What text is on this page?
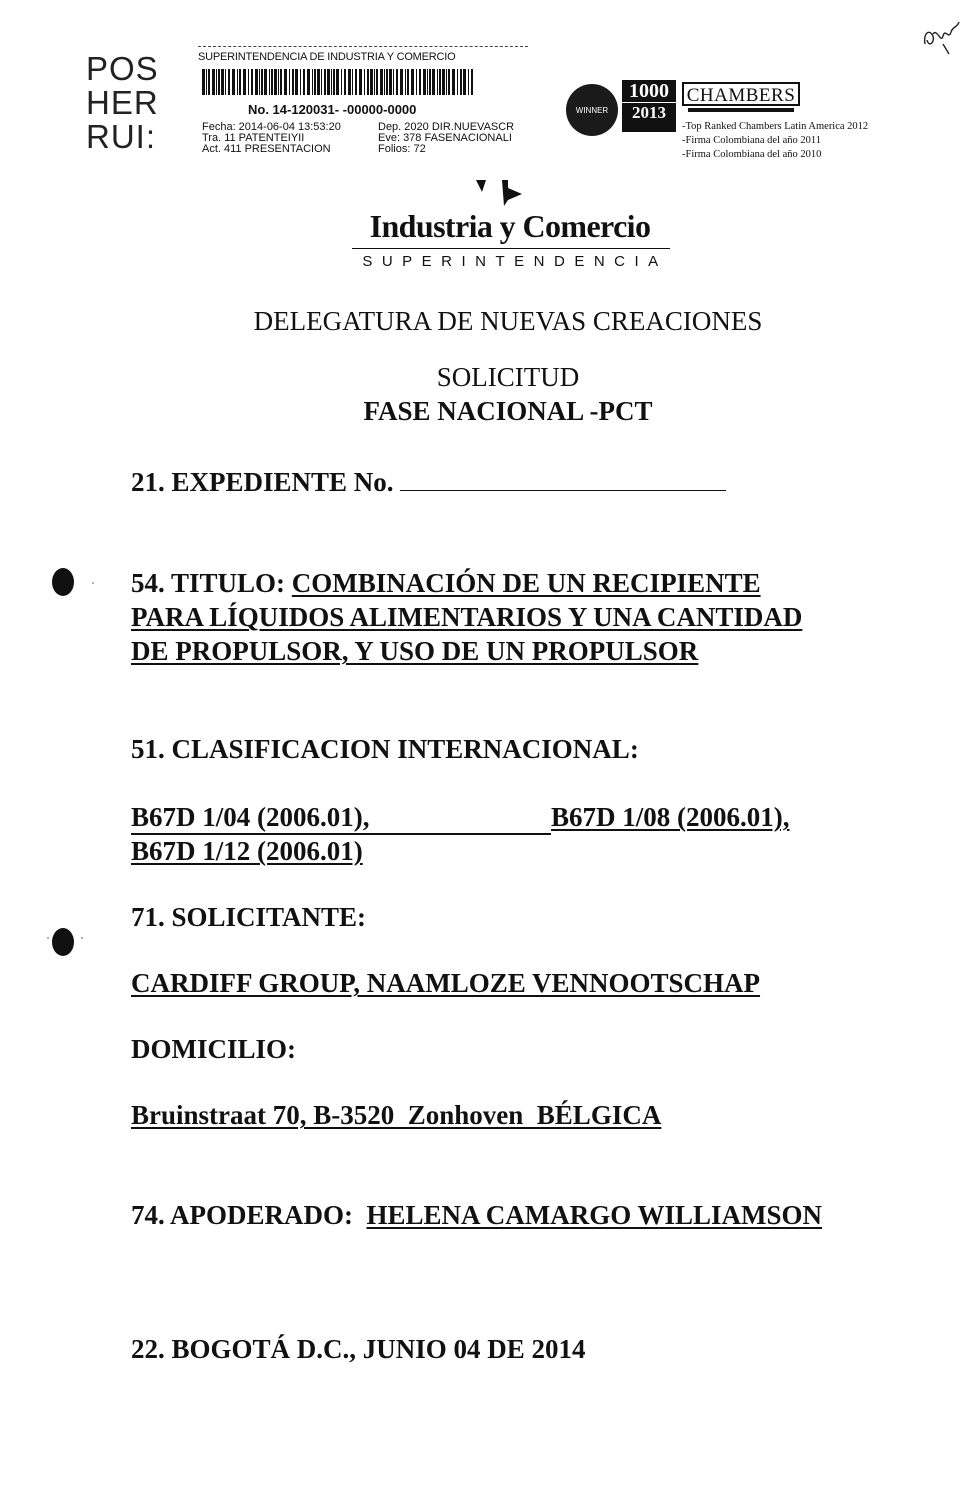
POS
HER
RUI:
SUPERINTENDENCIA DE INDUSTRIA Y COMERCIO
No. 14-120031- -00000-0000
Fecha: 2014-06-04 13:53:20	Dep. 2020 DIR.NUEVASCR
Tra. 11 PATENTEIYII	Eve: 378 FASENACIONALI
Act. 411 PRESENTACION	Folios: 72
WINNER
1000
2013
CHAMBERS
-Top Ranked Chambers Latin America 2012
-Firma Colombiana del año 2011
-Firma Colombiana del año 2010
Industria y Comercio
SUPERINTENDENCIA
DELEGATURA DE NUEVAS CREACIONES
SOLICITUD
FASE NACIONAL -PCT
21. EXPEDIENTE No.
54. TITULO: COMBINACIÓN DE UN RECIPIENTE
PARA LÍQUIDOS ALIMENTARIOS Y UNA CANTIDAD
DE PROPULSOR, Y USO DE UN PROPULSOR
51. CLASIFICACION INTERNACIONAL:
B67D 1/04 (2006.01),	B67D 1/08 (2006.01),
B67D 1/12 (2006.01)
71. SOLICITANTE:
CARDIFF GROUP, NAAMLOZE VENNOOTSCHAP
DOMICILIO:
Bruinstraat 70, B-3520  Zonhoven  BÉLGICA
74. APODERADO: HELENA CAMARGO WILLIAMSON
22. BOGOTÁ D.C., JUNIO 04 DE 2014
